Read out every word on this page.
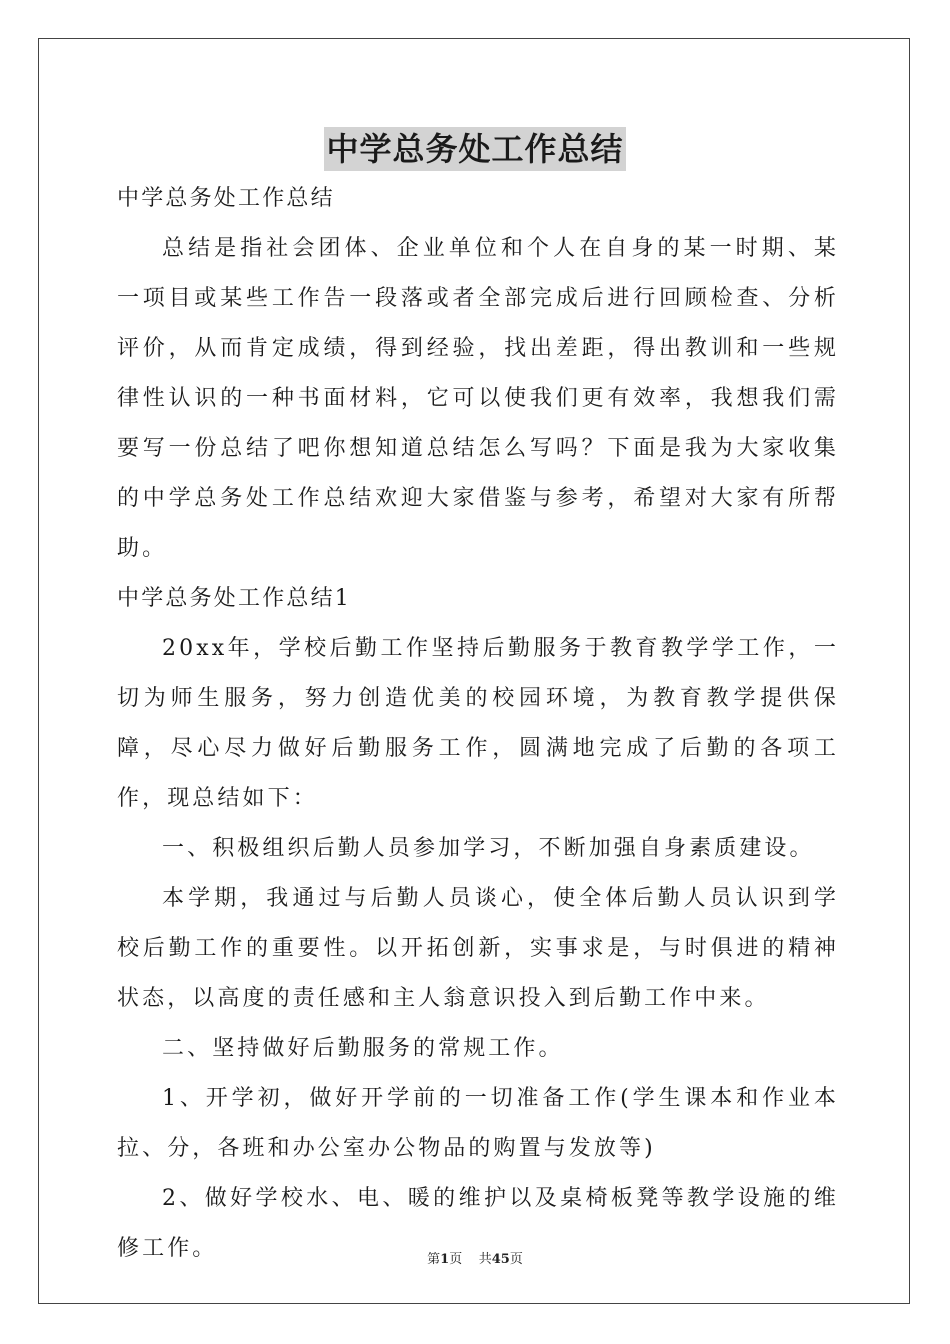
中学总务处工作总结
中学总务处工作总结
总结是指社会团体、企业单位和个人在自身的某一时期、某一项目或某些工作告一段落或者全部完成后进行回顾检查、分析评价，从而肯定成绩，得到经验，找出差距，得出教训和一些规律性认识的一种书面材料，它可以使我们更有效率，我想我们需要写一份总结了吧你想知道总结怎么写吗？下面是我为大家收集的中学总务处工作总结欢迎大家借鉴与参考，希望对大家有所帮助。
中学总务处工作总结1
20xx年，学校后勤工作坚持后勤服务于教育教学学工作，一切为师生服务，努力创造优美的校园环境，为教育教学提供保障，尽心尽力做好后勤服务工作，圆满地完成了后勤的各项工作，现总结如下：
一、积极组织后勤人员参加学习，不断加强自身素质建设。
本学期，我通过与后勤人员谈心，使全体后勤人员认识到学校后勤工作的重要性。以开拓创新，实事求是，与时俱进的精神状态，以高度的责任感和主人翁意识投入到后勤工作中来。
二、坚持做好后勤服务的常规工作。
1、开学初，做好开学前的一切准备工作(学生课本和作业本拉、分，各班和办公室办公物品的购置与发放等)
2、做好学校水、电、暖的维护以及桌椅板凳等教学设施的维修工作。	第1页 共45页
